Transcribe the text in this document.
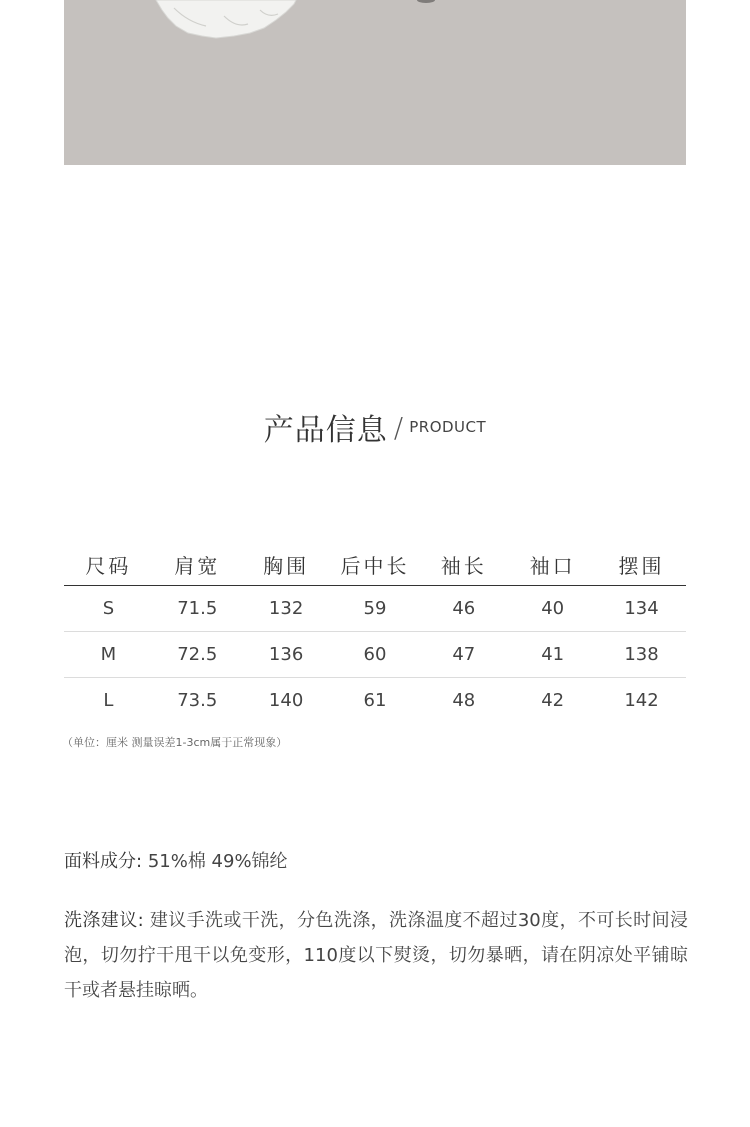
产品信息 / PRODUCT
尺码	肩宽	胸围	后中长	袖长	袖口	摆围
S	71.5	132	59	46	40	134
M	72.5	136	60	47	41	138
L	73.5	140	61	48	42	142
（单位：厘米 测量误差1-3cm属于正常现象）
面料成分: 51%棉 49%锦纶
洗涤建议: 建议手洗或干洗，分色洗涤，洗涤温度不超过30度，不可长时间浸泡，切勿拧干甩干以免变形，110度以下熨烫，切勿暴晒，请在阴凉处平铺晾干或者悬挂晾晒。
